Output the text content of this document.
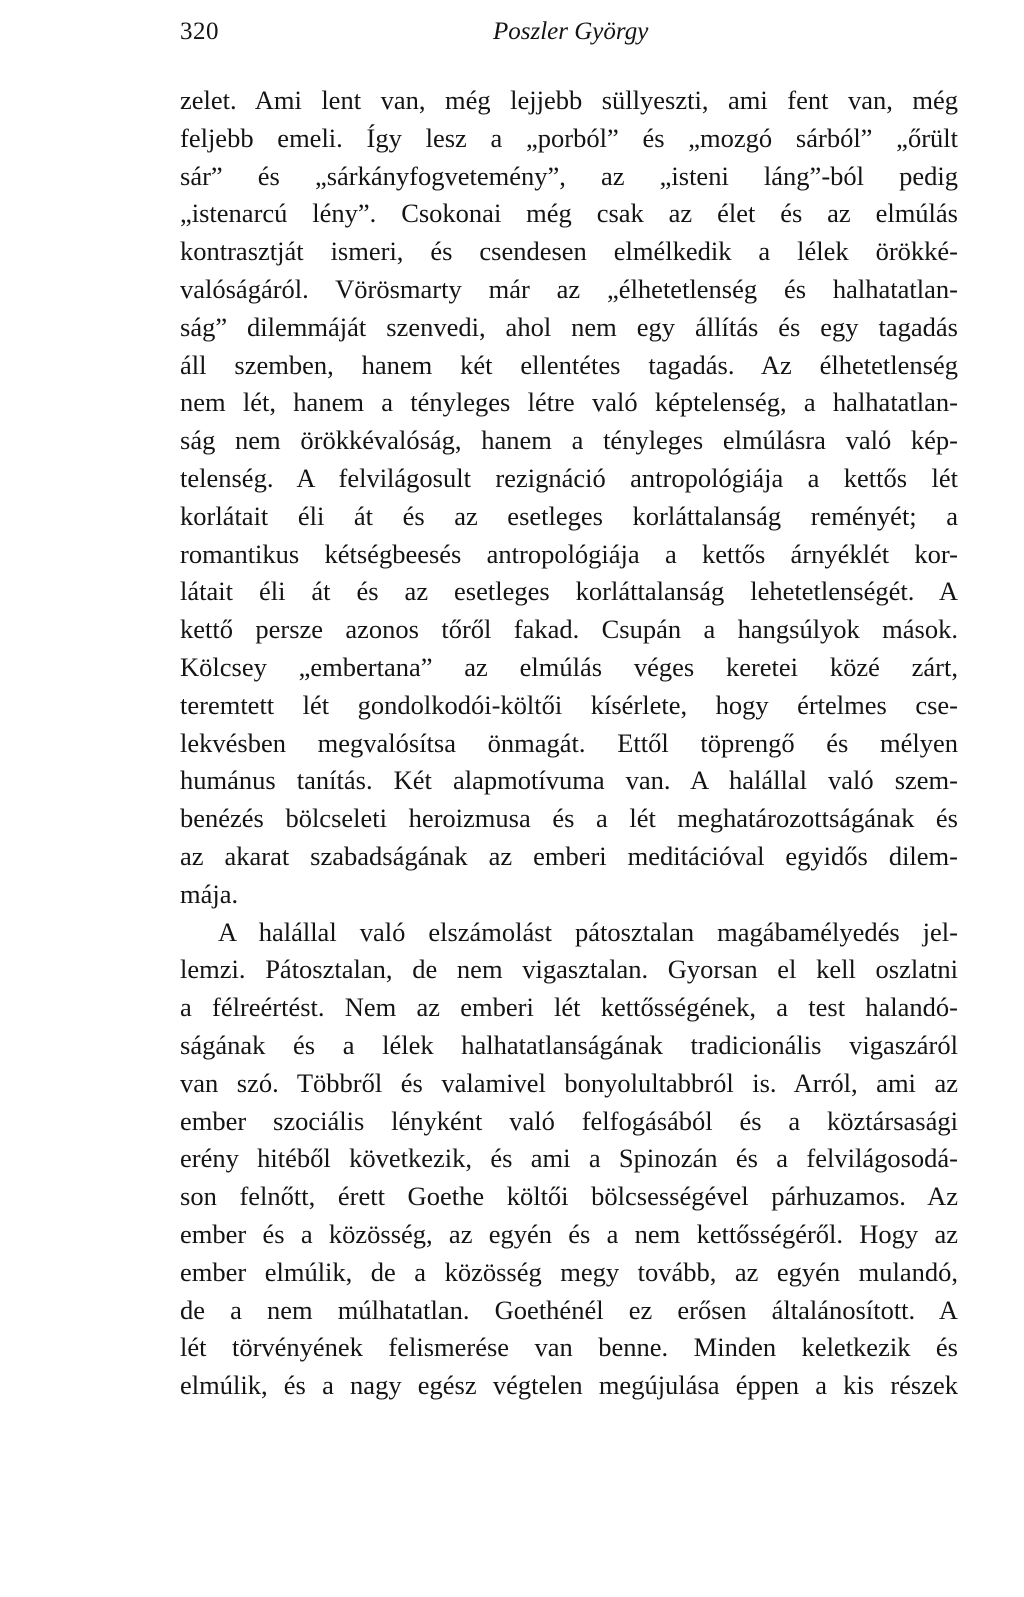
320	Poszler György
zelet. Ami lent van, még lejjebb süllyeszti, ami fent van, még
feljebb emeli. Így lesz a „porból” és „mozgó sárból” „őrült
sár” és „sárkányfogvetemény”, az „isteni láng”-ból pedig
„istenarcú lény”. Csokonai még csak az élet és az elmúlás
kontrasztját ismeri, és csendesen elmélkedik a lélek örökké-
valóságáról. Vörösmarty már az „élhetetlenség és halhatatlan-
ság” dilemmáját szenvedi, ahol nem egy állítás és egy tagadás
áll szemben, hanem két ellentétes tagadás. Az élhetetlenség
nem lét, hanem a tényleges létre való képtelenség, a halhatatlan-
ság nem örökkévalóság, hanem a tényleges elmúlásra való kép-
telenség. A felvilágosult rezignáció antropológiája a kettős lét
korlátait éli át és az esetleges korláttalanság reményét; a
romantikus kétségbeesés antropológiája a kettős árnyéklét kor-
látait éli át és az esetleges korláttalanság lehetetlenségét. A
kettő persze azonos tőről fakad. Csupán a hangsúlyok mások.
Kölcsey „embertana” az elmúlás véges keretei közé zárt,
teremtett lét gondolkodói-költői kísérlete, hogy értelmes cse-
lekvésben megvalósítsa önmagát. Ettől töprengő és mélyen
humánus tanítás. Két alapmotívuma van. A halállal való szem-
benézés bölcseleti heroizmusa és a lét meghatározottságának és
az akarat szabadságának az emberi meditációval egyidős dilem-
mája.
A halállal való elszámolást pátosztalan magábamélyedés jel-
lemzi. Pátosztalan, de nem vigasztalan. Gyorsan el kell oszlatni
a félreértést. Nem az emberi lét kettősségének, a test halandó-
ságának és a lélek halhatatlanságának tradicionális vigaszáról
van szó. Többről és valamivel bonyolultabbról is. Arról, ami az
ember szociális lényként való felfogásából és a köztársasági
erény hitéből következik, és ami a Spinozán és a felvilágosodá-
son felnőtt, érett Goethe költői bölcsességével párhuzamos. Az
ember és a közösség, az egyén és a nem kettősségéről. Hogy az
ember elmúlik, de a közösség megy tovább, az egyén mulandó,
de a nem múlhatatlan. Goethénél ez erősen általánosított. A
lét törvényének felismerése van benne. Minden keletkezik és
elmúlik, és a nagy egész végtelen megújulása éppen a kis részek
